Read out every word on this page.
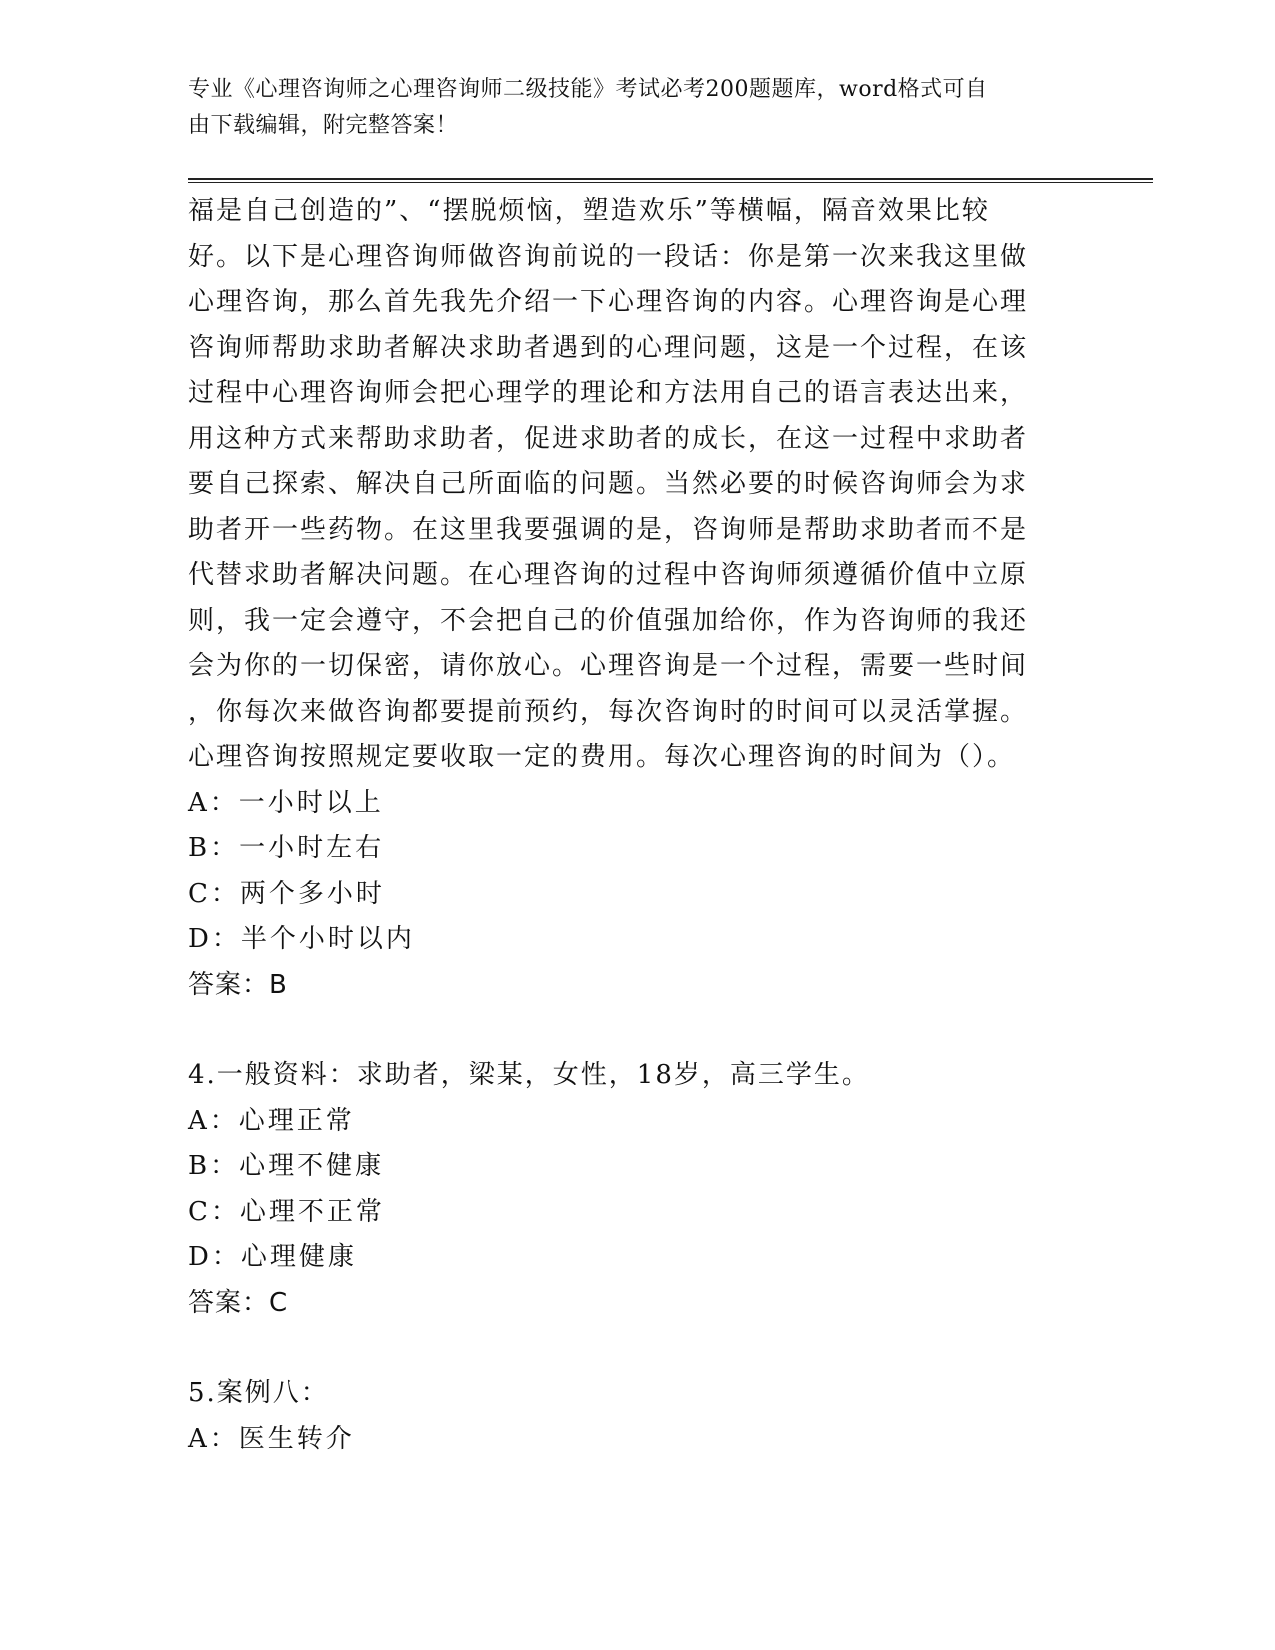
专业《心理咨询师之心理咨询师二级技能》考试必考200题题库，word格式可自
由下载编辑，附完整答案！
福是自己创造的”、“摆脱烦恼，塑造欢乐”等横幅，隔音效果比较
好。以下是心理咨询师做咨询前说的一段话：你是第一次来我这里做
心理咨询，那么首先我先介绍一下心理咨询的内容。心理咨询是心理
咨询师帮助求助者解决求助者遇到的心理问题，这是一个过程，在该
过程中心理咨询师会把心理学的理论和方法用自己的语言表达出来，
用这种方式来帮助求助者，促进求助者的成长，在这一过程中求助者
要自己探索、解决自己所面临的问题。当然必要的时候咨询师会为求
助者开一些药物。在这里我要强调的是，咨询师是帮助求助者而不是
代替求助者解决问题。在心理咨询的过程中咨询师须遵循价值中立原
则，我一定会遵守，不会把自己的价值强加给你，作为咨询师的我还
会为你的一切保密，请你放心。心理咨询是一个过程，需要一些时间
，你每次来做咨询都要提前预约，每次咨询时的时间可以灵活掌握。
心理咨询按照规定要收取一定的费用。每次心理咨询的时间为（）。
A：一小时以上
B：一小时左右
C：两个多小时
D：半个小时以内
答案：B
4.一般资料：求助者，梁某，女性，18岁，高三学生。
A：心理正常
B：心理不健康
C：心理不正常
D：心理健康
答案：C
5.案例八：
A：医生转介
